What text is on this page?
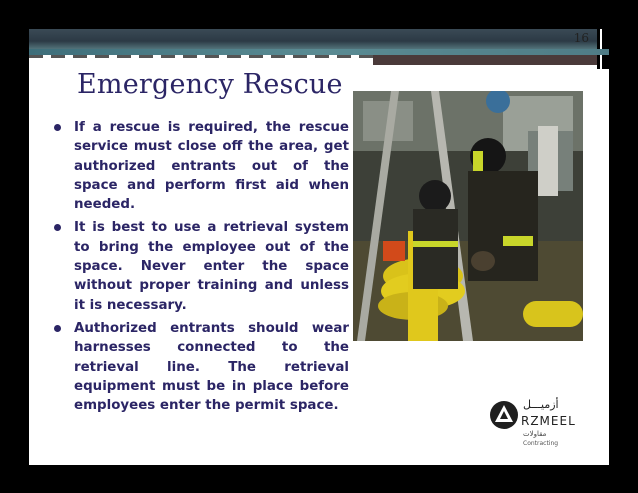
16
Emergency Rescue
If a rescue is required, the rescue service must close off the area, get authorized entrants out of the space and perform first aid when needed.
It is best to use a retrieval system to bring the employee out of the space. Never enter the space without proper training and unless it is necessary.
Authorized entrants should wear harnesses connected to the retrieval line. The retrieval equipment must be in place before employees enter the permit space.	أزميـــل
RZMEEL
مقاولات
Contracting
